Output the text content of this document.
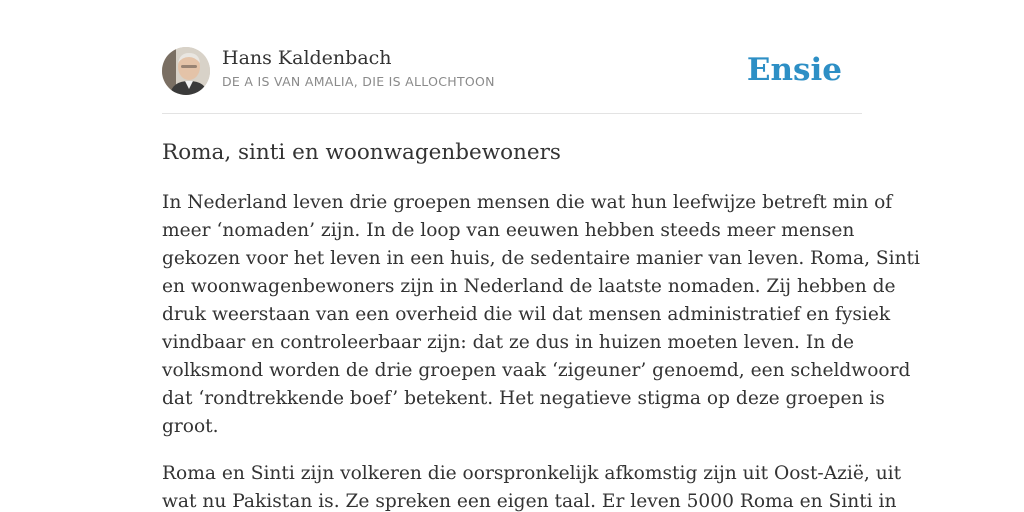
Hans Kaldenbach
DE A IS VAN AMALIA, DIE IS ALLOCHTOON	Ensie
Roma, sinti en woonwagenbewoners

In Nederland leven drie groepen mensen die wat hun leefwijze betreft min of
meer ‘nomaden’ zijn. In de loop van eeuwen hebben steeds meer mensen
gekozen voor het leven in een huis, de sedentaire manier van leven. Roma, Sinti
en woonwagenbewoners zijn in Nederland de laatste nomaden. Zij hebben de
druk weerstaan van een overheid die wil dat mensen administratief en fysiek
vindbaar en controleerbaar zijn: dat ze dus in huizen moeten leven. In de
volksmond worden de drie groepen vaak ‘zigeuner’ genoemd, een scheldwoord
dat ‘rondtrekkende boef’ betekent. Het negatieve stigma op deze groepen is
groot.

Roma en Sinti zijn volkeren die oorspronkelijk afkomstig zijn uit Oost-Azië, uit
wat nu Pakistan is. Ze spreken een eigen taal. Er leven 5000 Roma en Sinti in
